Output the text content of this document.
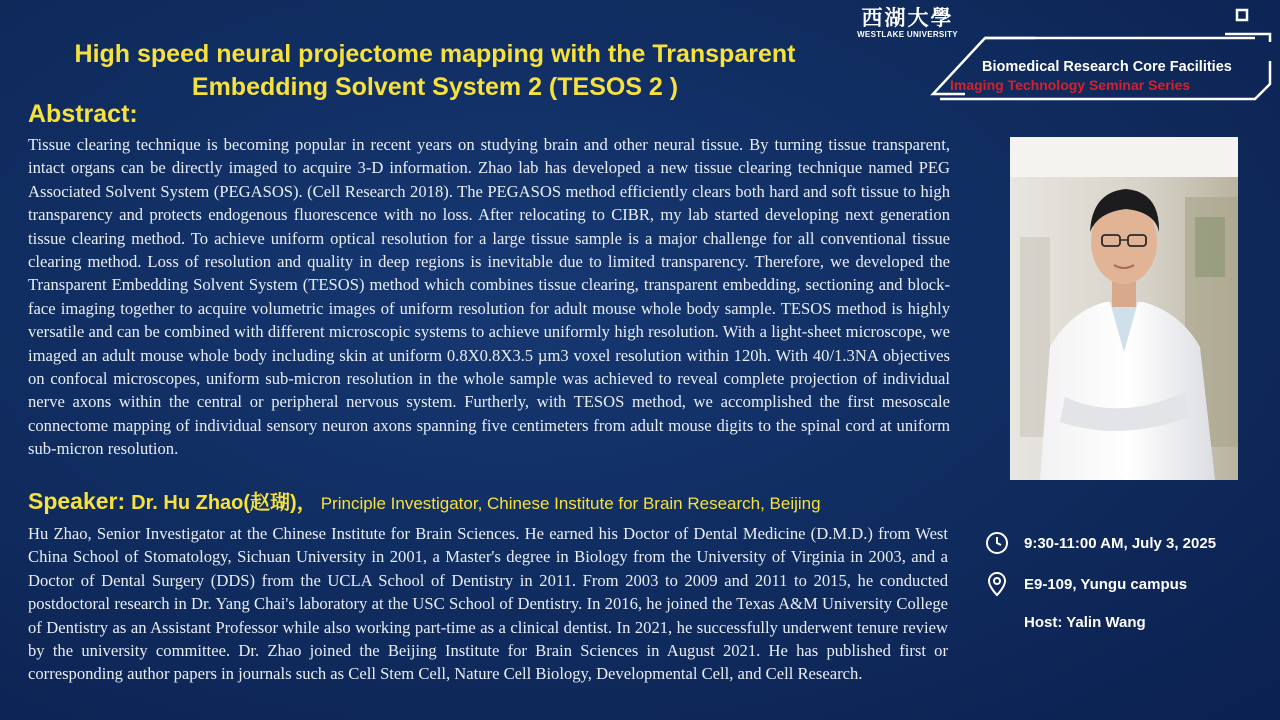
High speed neural projectome mapping with the Transparent
Embedding Solvent System 2 (TESOS 2 )
西湖大學
WESTLAKE UNIVERSITY
Biomedical Research Core Facilities
Imaging Technology Seminar Series
Abstract:

Tissue clearing technique is becoming popular in recent years on studying brain and other neural tissue. By turning tissue transparent, intact organs can be directly imaged to acquire 3-D information. Zhao lab has developed a new tissue clearing technique named PEG Associated Solvent System (PEGASOS). (Cell Research 2018). The PEGASOS method efficiently clears both hard and soft tissue to high transparency and protects endogenous fluorescence with no loss. After relocating to CIBR, my lab started developing next generation tissue clearing method. To achieve uniform optical resolution for a large tissue sample is a major challenge for all conventional tissue clearing method. Loss of resolution and quality in deep regions is inevitable due to limited transparency. Therefore, we developed the Transparent Embedding Solvent System (TESOS) method which combines tissue clearing, transparent embedding, sectioning and block-face imaging together to acquire volumetric images of uniform resolution for adult mouse whole body sample. TESOS method is highly versatile and can be combined with different microscopic systems to achieve uniformly high resolution. With a light-sheet microscope, we imaged an adult mouse whole body including skin at uniform 0.8X0.8X3.5 µm3 voxel resolution within 120h. With 40/1.3NA objectives on confocal microscopes, uniform sub-micron resolution in the whole sample was achieved to reveal complete projection of individual nerve axons within the central or peripheral nervous system. Furtherly, with TESOS method, we accomplished the first mesoscale connectome mapping of individual sensory neuron axons spanning five centimeters from adult mouse digits to the spinal cord at uniform sub-micron resolution.

Speaker: Dr. Hu Zhao(赵瑚)， Principle Investigator, Chinese Institute for Brain Research, Beijing

Hu Zhao, Senior Investigator at the Chinese Institute for Brain Sciences. He earned his Doctor of Dental Medicine (D.M.D.) from West China School of Stomatology, Sichuan University in 2001, a Master's degree in Biology from the University of Virginia in 2003, and a Doctor of Dental Surgery (DDS) from the UCLA School of Dentistry in 2011. From 2003 to 2009 and 2011 to 2015, he conducted postdoctoral research in Dr. Yang Chai's laboratory at the USC School of Dentistry. In 2016, he joined the Texas A&M University College of Dentistry as an Assistant Professor while also working part-time as a clinical dentist. In 2021, he successfully underwent tenure review by the university committee. Dr. Zhao joined the Beijing Institute for Brain Sciences in August 2021. He has published first or corresponding author papers in journals such as Cell Stem Cell, Nature Cell Biology, Developmental Cell, and Cell Research.

9:30-11:00 AM, July 3, 2025
E9-109, Yungu campus
Host: Yalin Wang
